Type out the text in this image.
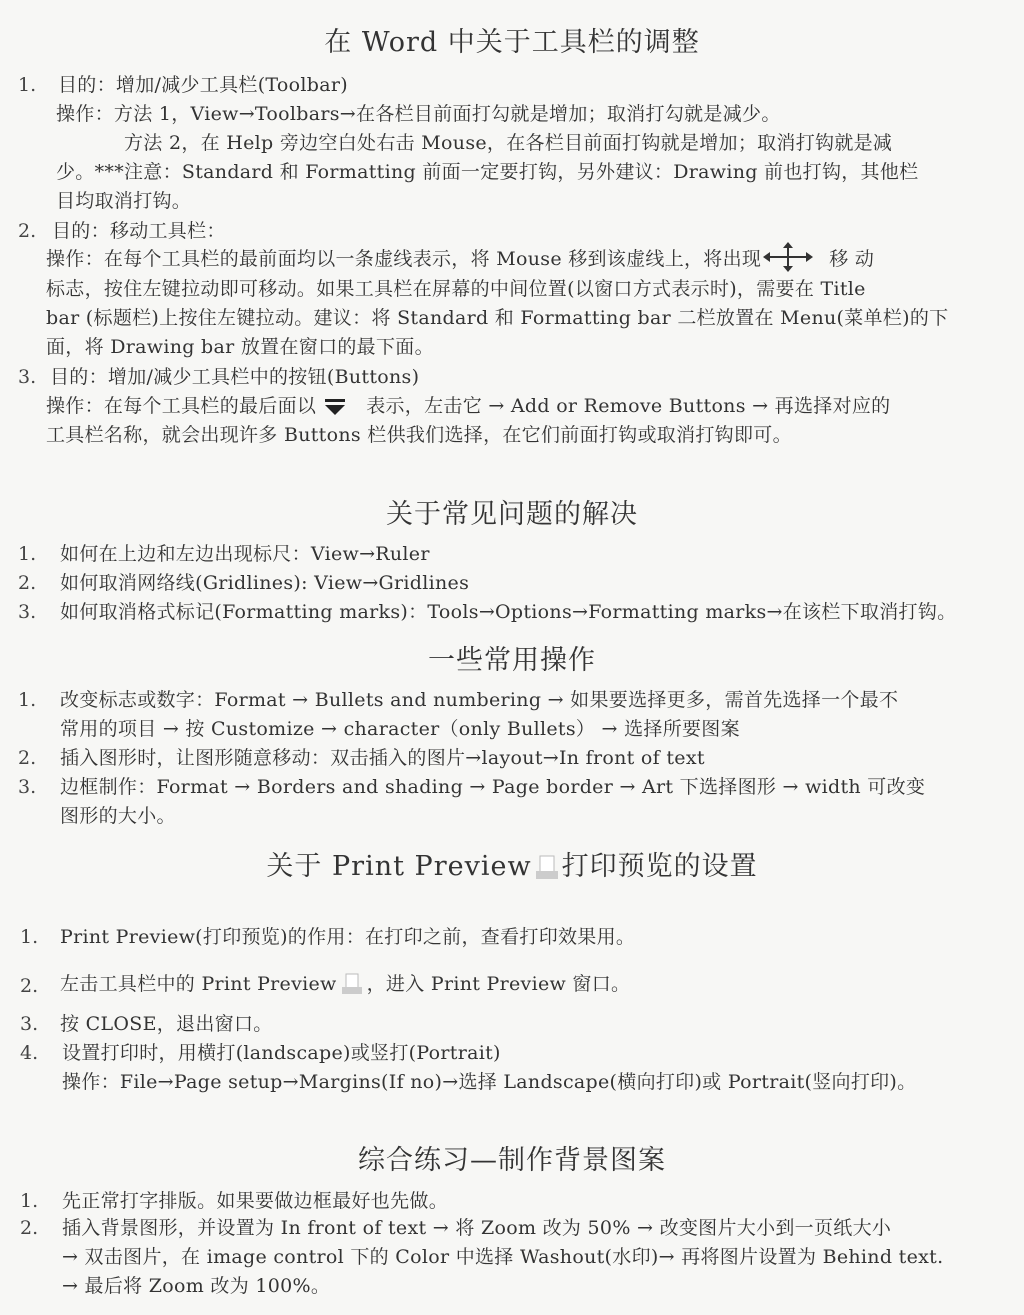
在 Word 中关于工具栏的调整
1. 目的：增加/减少工具栏(Toolbar)
操作：方法 1，View→Toolbars→在各栏目前面打勾就是增加；取消打勾就是减少。
方法 2，在 Help 旁边空白处右击 Mouse，在各栏目前面打钩就是增加；取消打钩就是减
少。***注意：Standard 和 Formatting 前面一定要打钩，另外建议：Drawing 前也打钩，其他栏
目均取消打钩。
2. 目的：移动工具栏：
操作：在每个工具栏的最前面均以一条虚线表示，将 Mouse 移到该虚线上，将出现	移 动
标志，按住左键拉动即可移动。如果工具栏在屏幕的中间位置(以窗口方式表示时)，需要在 Title
bar (标题栏)上按住左键拉动。建议：将 Standard 和 Formatting bar 二栏放置在 Menu(菜单栏)的下
面，将 Drawing bar 放置在窗口的最下面。
3. 目的：增加/减少工具栏中的按钮(Buttons)
操作：在每个工具栏的最后面以	表示，左击它 → Add or Remove Buttons → 再选择对应的
工具栏名称，就会出现许多 Buttons 栏供我们选择，在它们前面打钩或取消打钩即可。
关于常见问题的解决
1. 如何在上边和左边出现标尺：View→Ruler
2. 如何取消网络线(Gridlines): View→Gridlines
3. 如何取消格式标记(Formatting marks)：Tools→Options→Formatting marks→在该栏下取消打钩。
一些常用操作
1. 改变标志或数字：Format → Bullets and numbering → 如果要选择更多，需首先选择一个最不
常用的项目 → 按 Customize → character（only Bullets） → 选择所要图案
2. 插入图形时，让图形随意移动：双击插入的图片→layout→In front of text
3. 边框制作：Format → Borders and shading → Page border → Art 下选择图形 → width 可改变
图形的大小。
关于 Print Preview 打印预览的设置
1. Print Preview(打印预览)的作用：在打印之前，查看打印效果用。
2. 左击工具栏中的 Print Preview ，进入 Print Preview 窗口。
3. 按 CLOSE，退出窗口。
4. 设置打印时，用横打(landscape)或竖打(Portrait)
操作：File→Page setup→Margins(If no)→选择 Landscape(横向打印)或 Portrait(竖向打印)。
综合练习—制作背景图案
1. 先正常打字排版。如果要做边框最好也先做。
2. 插入背景图形，并设置为 In front of text → 将 Zoom 改为 50% → 改变图片大小到一页纸大小
→ 双击图片，在 image control 下的 Color 中选择 Washout(水印)→ 再将图片设置为 Behind text.
→ 最后将 Zoom 改为 100%。
